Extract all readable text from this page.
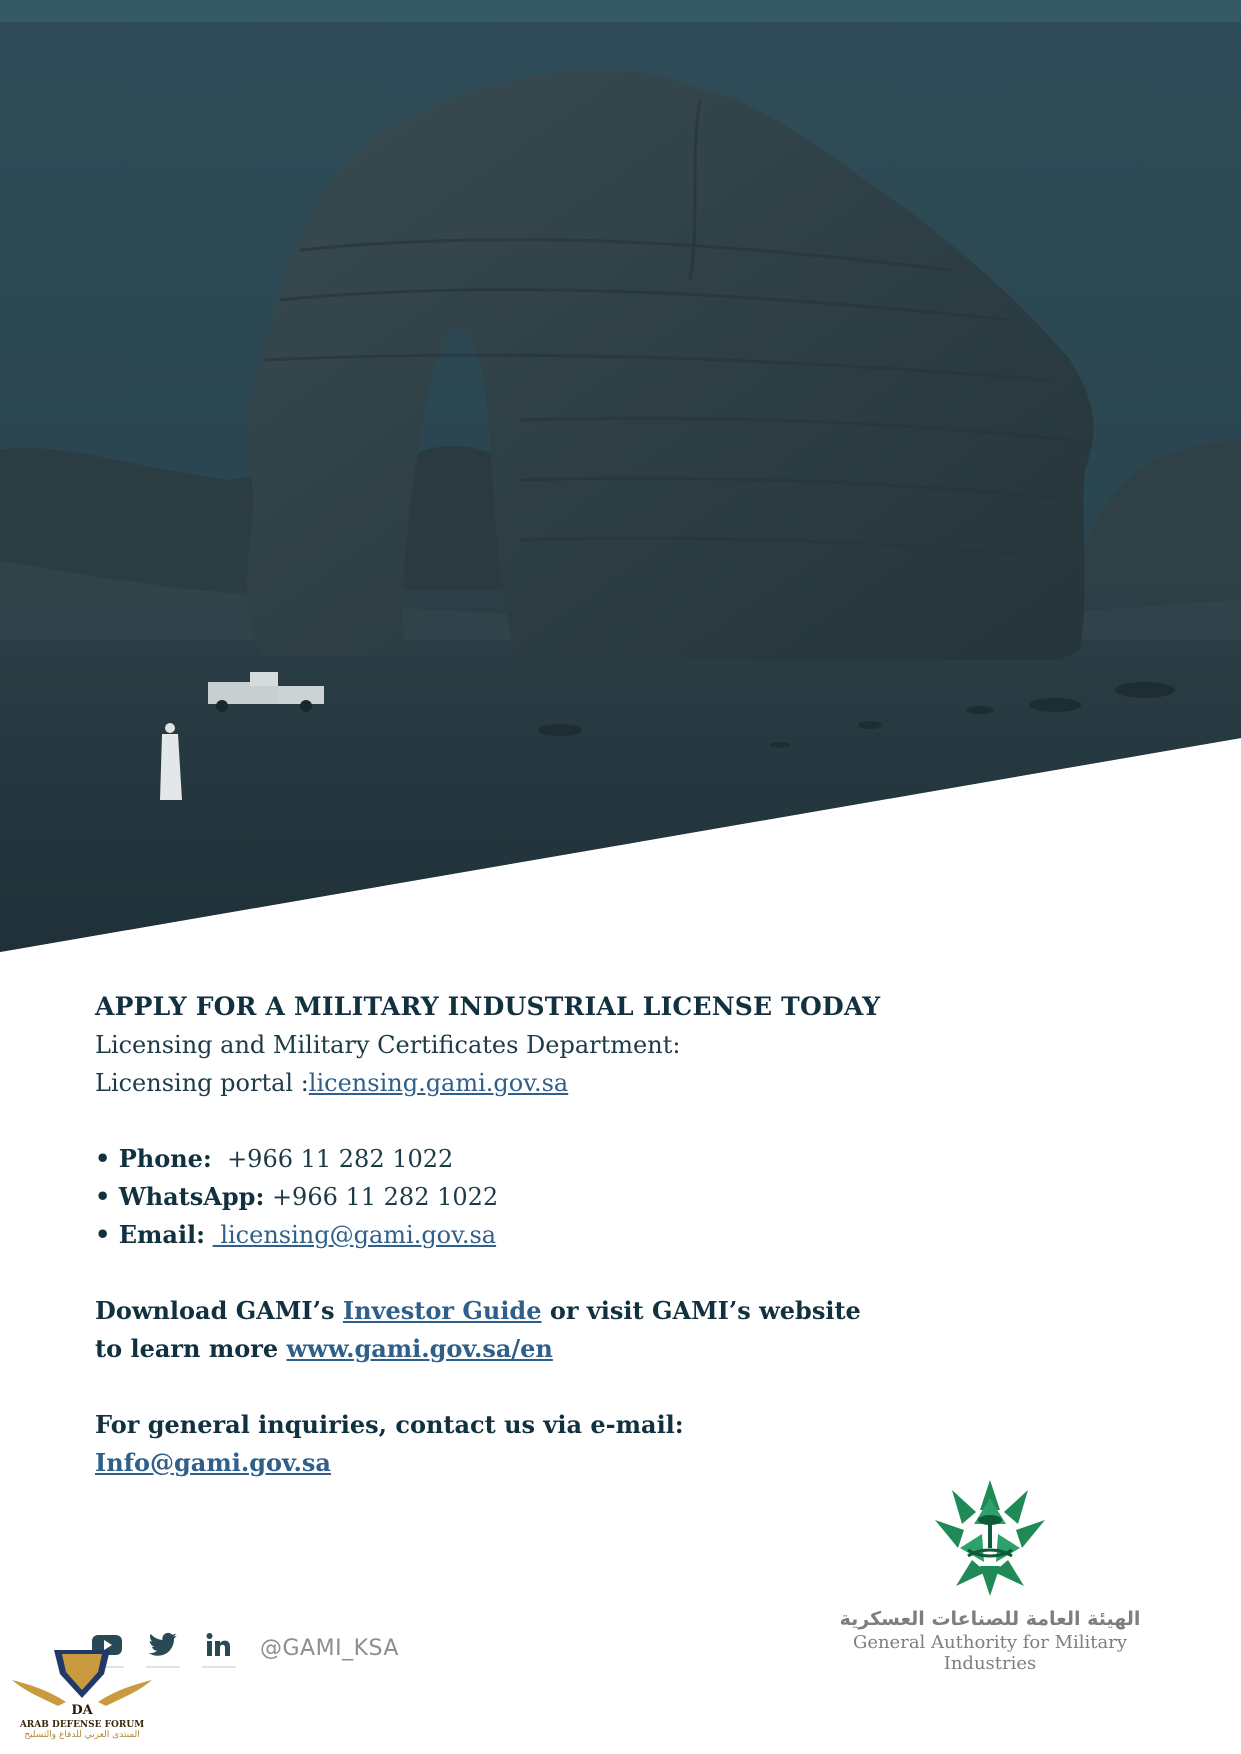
APPLY FOR A MILITARY INDUSTRIAL LICENSE TODAY
Licensing and Military Certificates Department:
Licensing portal :licensing.gami.gov.sa
• Phone: +966 11 282 1022
• WhatsApp: +966 11 282 1022
• Email:  licensing@gami.gov.sa
Download GAMI’s Investor Guide or visit GAMI’s website
to learn more www.gami.gov.sa/en
For general inquiries, contact us via e-mail:
Info@gami.gov.sa
@GAMI_KSA
الهيئة العامة للصناعات العسكرية
General Authority for Military Industries
DA
ARAB DEFENSE FORUM
المنتدى العربي للدفاع والتسليح
